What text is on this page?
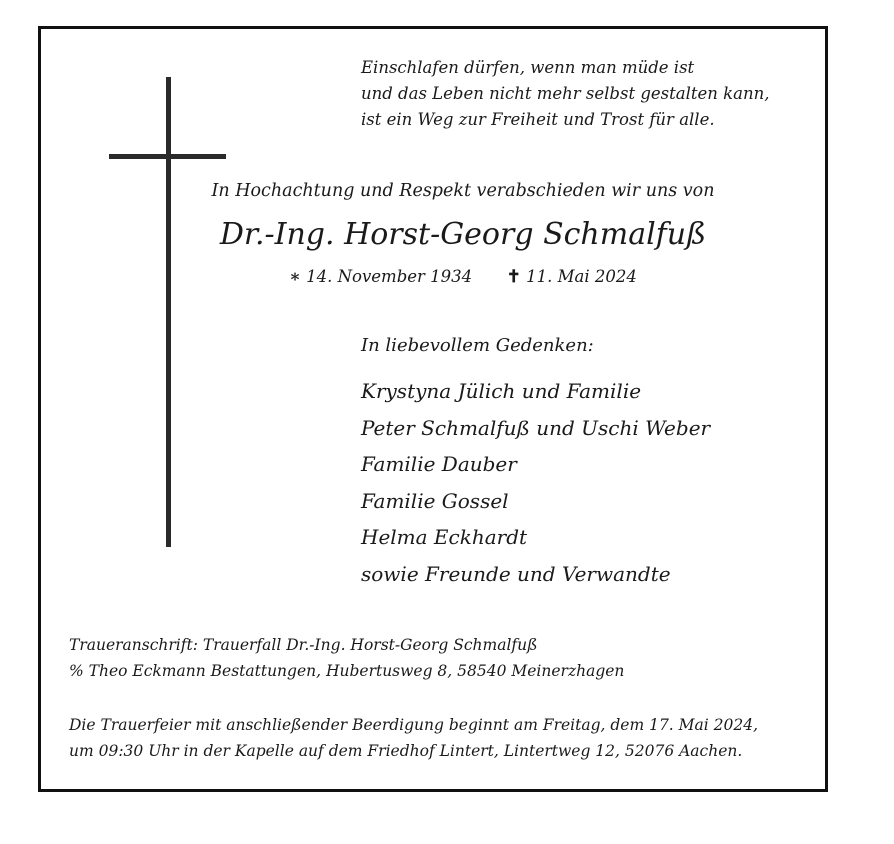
Einschlafen dürfen, wenn man müde ist
und das Leben nicht mehr selbst gestalten kann,
ist ein Weg zur Freiheit und Trost für alle.
In Hochachtung und Respekt verabschieden wir uns von
Dr.-Ing. Horst-Georg Schmalfuß
∗ 14. November 1934 ✝ 11. Mai 2024
In liebevollem Gedenken:
Krystyna Jülich und Familie
Peter Schmalfuß und Uschi Weber
Familie Dauber
Familie Gossel
Helma Eckhardt
sowie Freunde und Verwandte
Traueranschrift: Trauerfall Dr.-Ing. Horst-Georg Schmalfuß
% Theo Eckmann Bestattungen, Hubertusweg 8, 58540 Meinerzhagen
Die Trauerfeier mit anschließender Beerdigung beginnt am Freitag, dem 17. Mai 2024,
um 09:30 Uhr in der Kapelle auf dem Friedhof Lintert, Lintertweg 12, 52076 Aachen.
